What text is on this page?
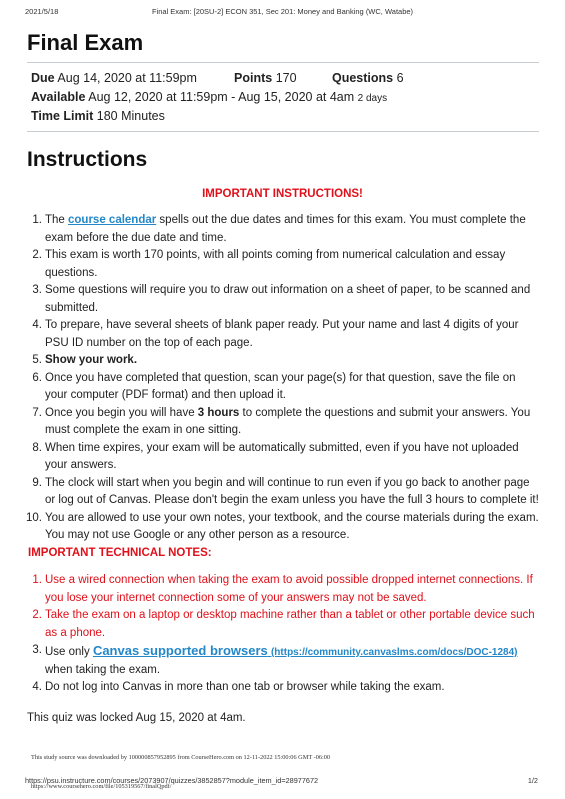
2021/5/18	Final Exam: [20SU-2] ECON 351, Sec 201: Money and Banking (WC, Watabe)
Final Exam
Due Aug 14, 2020 at 11:59pm	Points 170	Questions 6
Available Aug 12, 2020 at 11:59pm - Aug 15, 2020 at 4am 2 days
Time Limit 180 Minutes
Instructions
IMPORTANT INSTRUCTIONS!
1. The course calendar spells out the due dates and times for this exam. You must complete the exam before the due date and time.
2. This exam is worth 170 points, with all points coming from numerical calculation and essay questions.
3. Some questions will require you to draw out information on a sheet of paper, to be scanned and submitted.
4. To prepare, have several sheets of blank paper ready. Put your name and last 4 digits of your PSU ID number on the top of each page.
5. Show your work.
6. Once you have completed that question, scan your page(s) for that question, save the file on your computer (PDF format) and then upload it.
7. Once you begin you will have 3 hours to complete the questions and submit your answers. You must complete the exam in one sitting.
8. When time expires, your exam will be automatically submitted, even if you have not uploaded your answers.
9. The clock will start when you begin and will continue to run even if you go back to another page or log out of Canvas. Please don't begin the exam unless you have the full 3 hours to complete it!
10. You are allowed to use your own notes, your textbook, and the course materials during the exam. You may not use Google or any other person as a resource.
IMPORTANT TECHNICAL NOTES:
1. Use a wired connection when taking the exam to avoid possible dropped internet connections. If you lose your internet connection some of your answers may not be saved.
2. Take the exam on a laptop or desktop machine rather than a tablet or other portable device such as a phone.
3. Use only Canvas supported browsers (https://community.canvaslms.com/docs/DOC-1284) when taking the exam.
4. Do not log into Canvas in more than one tab or browser while taking the exam.
This quiz was locked Aug 15, 2020 at 4am.
This study source was downloaded by 100000857952895 from CourseHero.com on 12-11-2022 15:00:06 GMT -06:00
https://psu.instructure.com/courses/2073907/quizzes/3852857?module_item_id=28977672
https://www.coursehero.com/file/105319567/finalQpdf/
1/2
